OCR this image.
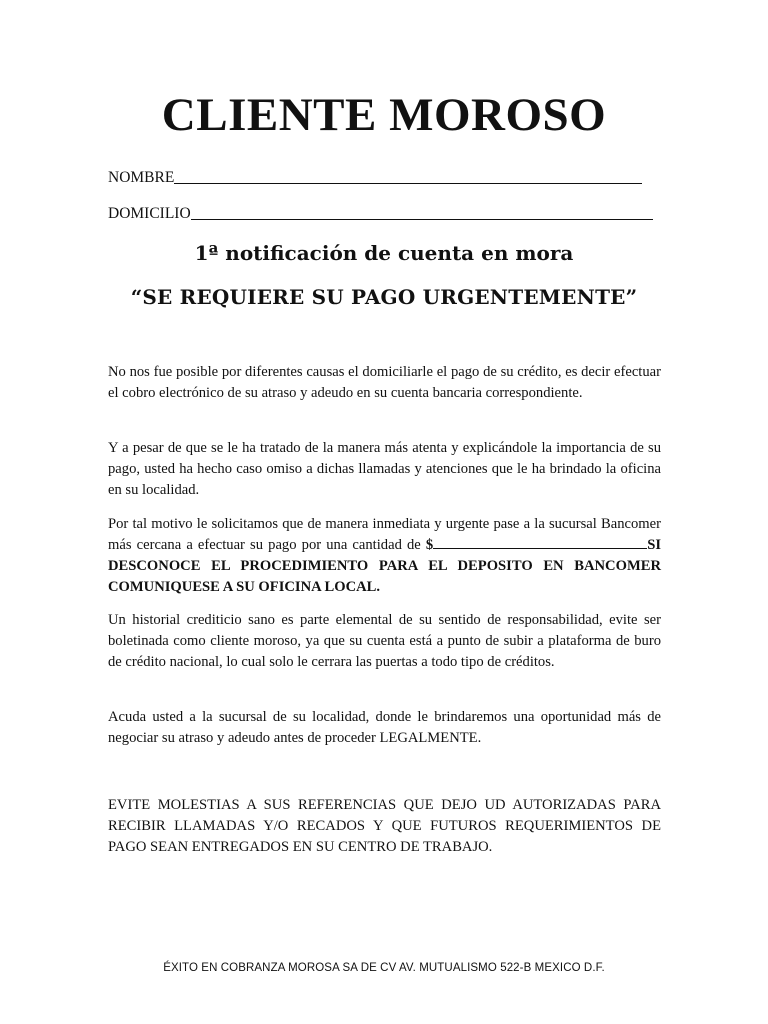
CLIENTE MOROSO
NOMBRE
DOMICILIO
1ª notificación de cuenta en mora
“SE REQUIERE SU PAGO URGENTEMENTE”

No nos fue posible por diferentes causas el domiciliarle el pago de su crédito, es decir efectuar el cobro electrónico de su atraso y adeudo en su cuenta bancaria correspondiente.

Y a pesar de que se le ha tratado de la manera más atenta y explicándole la importancia de su pago, usted ha hecho caso omiso a dichas llamadas y atenciones que le ha brindado la oficina en su localidad.

Por tal motivo le solicitamos que de manera inmediata y urgente pase a la sucursal Bancomer más cercana a efectuar su pago por una cantidad de $	SI DESCONOCE EL PROCEDIMIENTO PARA EL DEPOSITO EN BANCOMER COMUNIQUESE A SU OFICINA LOCAL.

Un historial crediticio sano es parte elemental de su sentido de responsabilidad, evite ser boletinada como cliente moroso, ya que su cuenta está a punto de subir a plataforma de buro de crédito nacional, lo cual solo le cerrara las puertas a todo tipo de créditos.

Acuda usted a la sucursal de su localidad, donde le brindaremos una oportunidad más de negociar su atraso y adeudo antes de proceder LEGALMENTE.

EVITE MOLESTIAS A SUS REFERENCIAS QUE DEJO UD AUTORIZADAS PARA RECIBIR LLAMADAS Y/O RECADOS Y QUE FUTUROS REQUERIMIENTOS DE PAGO SEAN ENTREGADOS EN SU CENTRO DE TRABAJO.

ÉXITO EN COBRANZA MOROSA SA DE CV AV. MUTUALISMO 522-B MEXICO D.F.
